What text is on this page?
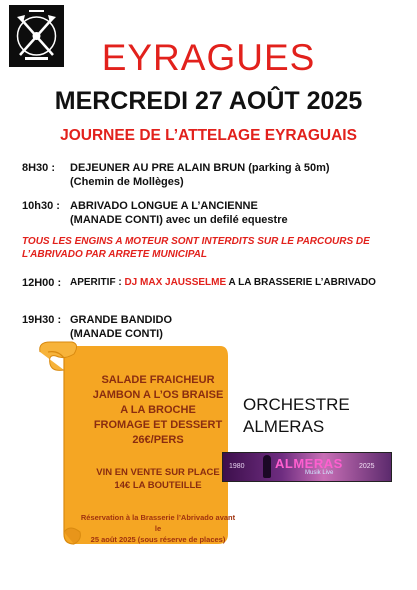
EYRAGUES
MERCREDI 27 AOÛT 2025
JOURNEE DE L’ATTELAGE EYRAGUAIS
8H30 : DEJEUNER AU PRE ALAIN BRUN (parking à 50m)
(Chemin de Mollèges)
10h30 : ABRIVADO LONGUE A L’ANCIENNE
(MANADE CONTI) avec un defilé equestre
TOUS LES ENGINS A MOTEUR SONT INTERDITS SUR LE PARCOURS DE
L’ABRIVADO PAR ARRETE MUNICIPAL
12H00 : APERITIF : DJ MAX JAUSSELME A LA BRASSERIE L’ABRIVADO
19H30 : GRANDE BANDIDO
(MANADE CONTI)
SALADE FRAICHEUR
JAMBON A L’OS BRAISE
A LA BROCHE
FROMAGE ET DESSERT
26€/PERS
VIN EN VENTE SUR PLACE
14€ LA BOUTEILLE
Réservation à la Brasserie l’Abrivado avant le
25 août 2025 (sous réserve de places)
ORCHESTRE
ALMERAS
1980 ALMERAS
Musik Live
2025
